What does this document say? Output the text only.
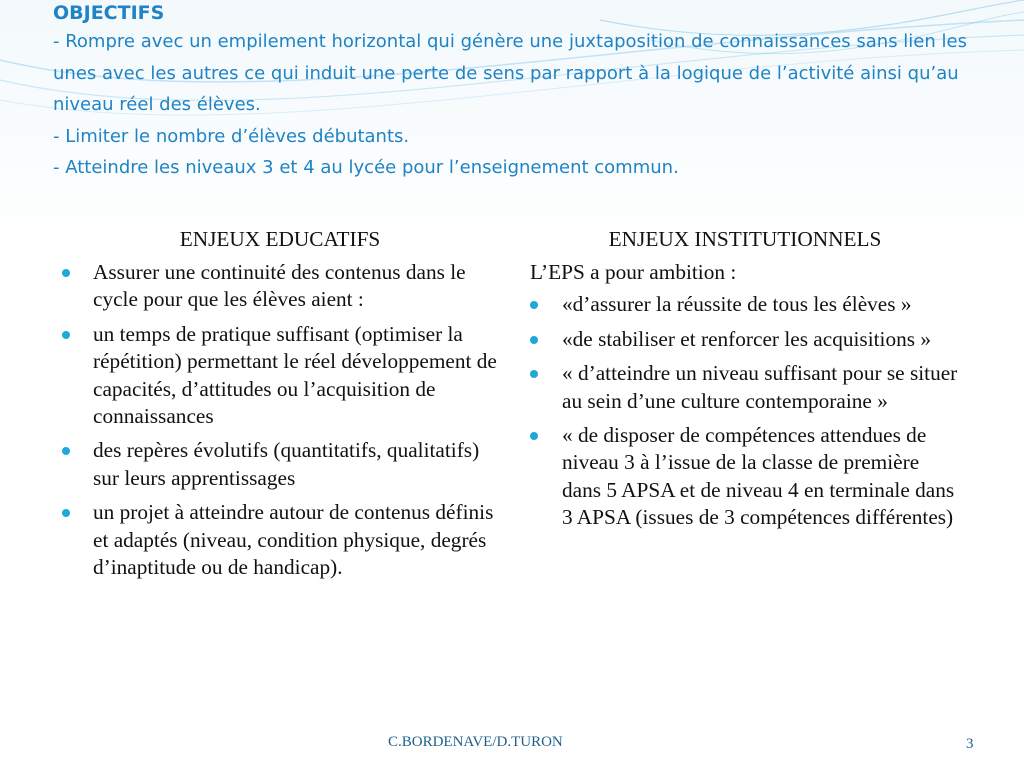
OBJECTIFS

- Rompre avec un empilement horizontal qui génère une juxtaposition de connaissances sans lien les unes avec les autres ce qui induit une perte de sens par rapport à la logique de l’activité ainsi qu’au niveau réel des élèves.

- Limiter le nombre d’élèves débutants.

- Atteindre les niveaux 3 et 4 au lycée pour l’enseignement commun.

ENJEUX EDUCATIFS
Assurer une continuité des contenus dans le cycle pour que les élèves aient :
un temps de pratique suffisant (optimiser la répétition) permettant le réel développement de capacités, d’attitudes ou l’acquisition de connaissances
des repères évolutifs (quantitatifs, qualitatifs) sur leurs apprentissages
un projet à atteindre autour de contenus définis et adaptés (niveau, condition physique, degrés d’inaptitude ou de handicap).
ENJEUX INSTITUTIONNELS

L’EPS a pour ambition :

«d’assurer la réussite de tous les élèves »
«de stabiliser et renforcer les acquisitions »
« d’atteindre un niveau suffisant pour se situer au sein d’une culture contemporaine »
« de disposer de compétences attendues de niveau 3 à l’issue de la classe de première dans 5 APSA et de niveau 4 en terminale dans 3 APSA (issues de 3 compétences différentes)
C.BORDENAVE/D.TURON	3
